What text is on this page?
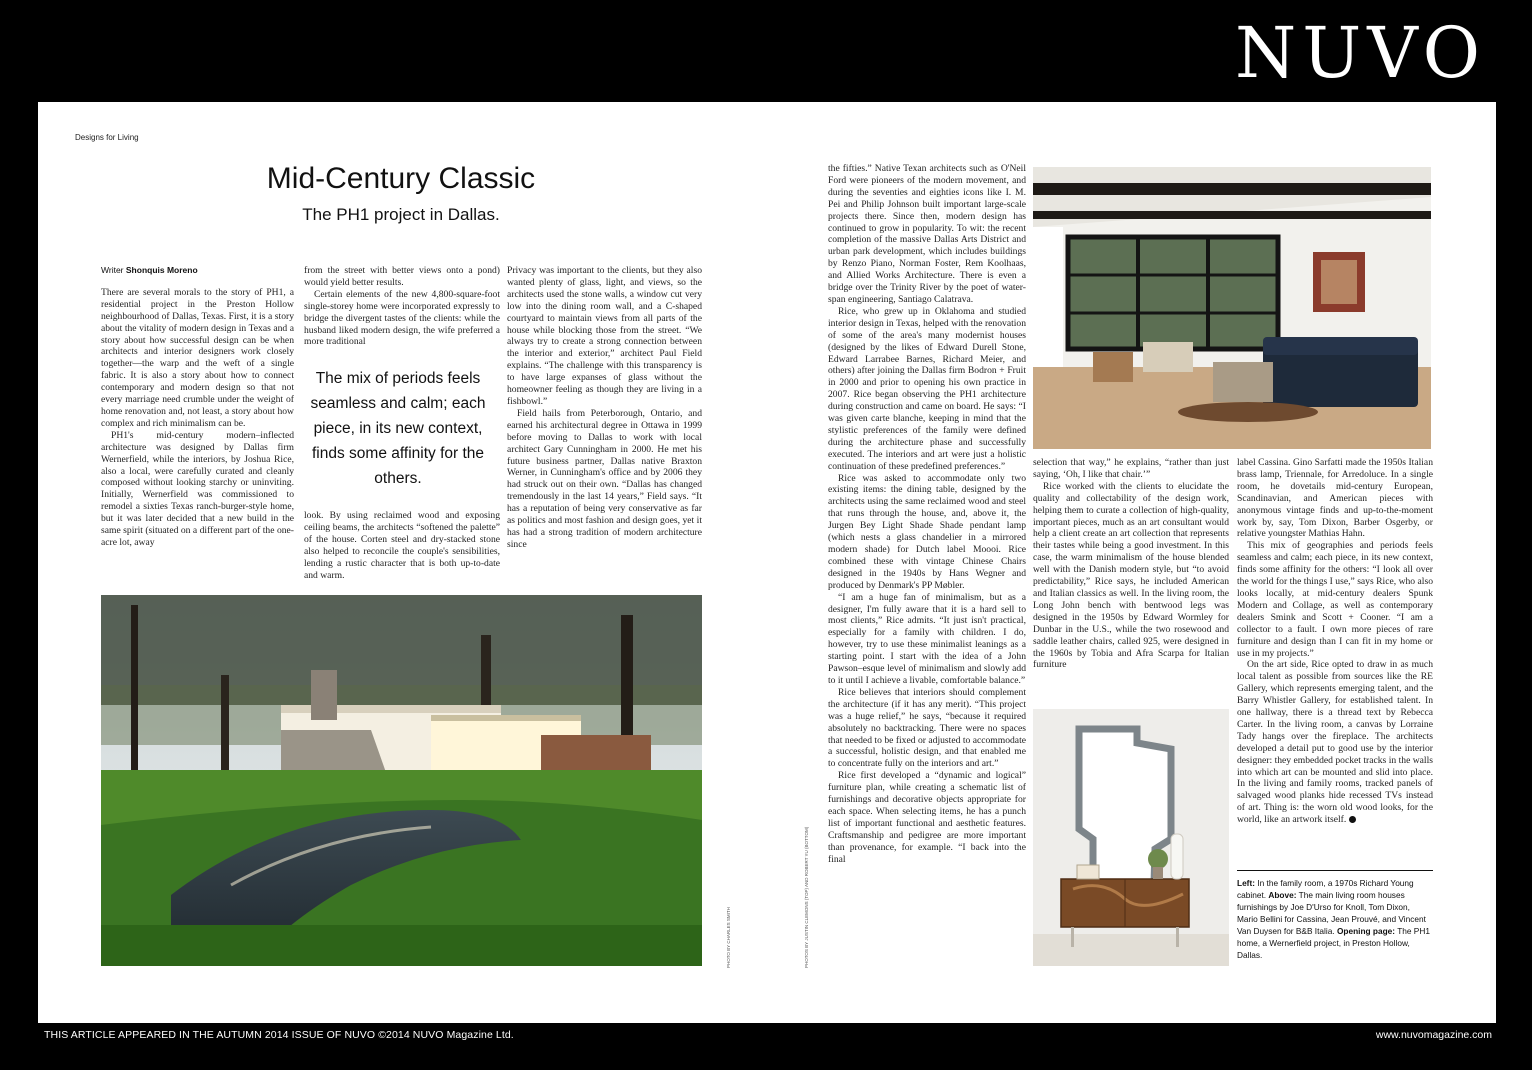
NUVO
Designs for Living
Mid-Century Classic
The PH1 project in Dallas.
Writer Shonquis Moreno

There are several morals to the story of PH1, a residential project in the Preston Hollow neighbourhood of Dallas, Texas. First, it is a story about the vitality of modern design in Texas and a story about how successful design can be when architects and interior designers work closely together—the warp and the weft of a single fabric. It is also a story about how to connect contemporary and modern design so that not every marriage need crumble under the weight of home renovation and, not least, a story about how complex and rich minimalism can be.

PH1's mid-century modern–inflected architecture was designed by Dallas firm Wernerfield, while the interiors, by Joshua Rice, also a local, were carefully curated and cleanly composed without looking starchy or uninviting. Initially, Wernerfield was commissioned to remodel a sixties Texas ranch-burger-style home, but it was later decided that a new build in the same spirit (situated on a different part of the one-acre lot, away

from the street with better views onto a pond) would yield better results.

Certain elements of the new 4,800-square-foot single-storey home were incorporated expressly to bridge the divergent tastes of the clients: while the husband liked modern design, the wife preferred a more traditional

The mix of periods feels seamless and calm; each piece, in its new context, finds some affinity for the others.

look. By using reclaimed wood and exposing ceiling beams, the architects “softened the palette” of the house. Corten steel and dry-stacked stone also helped to reconcile the couple's sensibilities, lending a rustic character that is both up-to-date and warm.

Privacy was important to the clients, but they also wanted plenty of glass, light, and views, so the architects used the stone walls, a window cut very low into the dining room wall, and a C-shaped courtyard to maintain views from all parts of the house while blocking those from the street. “We always try to create a strong connection between the interior and exterior,” architect Paul Field explains. “The challenge with this transparency is to have large expanses of glass without the homeowner feeling as though they are living in a fishbowl.”

Field hails from Peterborough, Ontario, and earned his architectural degree in Ottawa in 1999 before moving to Dallas to work with local architect Gary Cunningham in 2000. He met his future business partner, Dallas native Braxton Werner, in Cunningham's office and by 2006 they had struck out on their own. “Dallas has changed tremendously in the last 14 years,” Field says. “It has a reputation of being very conservative as far as politics and most fashion and design goes, yet it has had a strong tradition of modern architecture since

PHOTO BY CHARLES SMITH	PHOTOS BY JUSTIN CLEMONS (TOP) AND ROBERT YU (BOTTOM)

the fifties.” Native Texan architects such as O'Neil Ford were pioneers of the modern movement, and during the seventies and eighties icons like I. M. Pei and Philip Johnson built important large-scale projects there. Since then, modern design has continued to grow in popularity. To wit: the recent completion of the massive Dallas Arts District and urban park development, which includes buildings by Renzo Piano, Norman Foster, Rem Koolhaas, and Allied Works Architecture. There is even a bridge over the Trinity River by the poet of water-span engineering, Santiago Calatrava.

Rice, who grew up in Oklahoma and studied interior design in Texas, helped with the renovation of some of the area's many modernist houses (designed by the likes of Edward Durell Stone, Edward Larrabee Barnes, Richard Meier, and others) after joining the Dallas firm Bodron + Fruit in 2000 and prior to opening his own practice in 2007. Rice began observing the PH1 architecture during construction and came on board. He says: “I was given carte blanche, keeping in mind that the stylistic preferences of the family were defined during the architecture phase and successfully executed. The interiors and art were just a holistic continuation of these predefined preferences.”

Rice was asked to accommodate only two existing items: the dining table, designed by the architects using the same reclaimed wood and steel that runs through the house, and, above it, the Jurgen Bey Light Shade Shade pendant lamp (which nests a glass chandelier in a mirrored modern shade) for Dutch label Moooi. Rice combined these with vintage Chinese Chairs designed in the 1940s by Hans Wegner and produced by Denmark's PP Møbler.

“I am a huge fan of minimalism, but as a designer, I'm fully aware that it is a hard sell to most clients,” Rice admits. “It just isn't practical, especially for a family with children. I do, however, try to use these minimalist leanings as a starting point. I start with the idea of a John Pawson–esque level of minimalism and slowly add to it until I achieve a livable, comfortable balance.”

Rice believes that interiors should complement the architecture (if it has any merit). “This project was a huge relief,” he says, “because it required absolutely no backtracking. There were no spaces that needed to be fixed or adjusted to accommodate a successful, holistic design, and that enabled me to concentrate fully on the interiors and art.”

Rice first developed a “dynamic and logical” furniture plan, while creating a schematic list of furnishings and decorative objects appropriate for each space. When selecting items, he has a punch list of important functional and aesthetic features. Craftsmanship and pedigree are more important than provenance, for example. “I back into the final

selection that way,” he explains, “rather than just saying, ‘Oh, I like that chair.’”

Rice worked with the clients to elucidate the quality and collectability of the design work, helping them to curate a collection of high-quality, important pieces, much as an art consultant would help a client create an art collection that represents their tastes while being a good investment. In this case, the warm minimalism of the house blended well with the Danish modern style, but “to avoid predictability,” Rice says, he included American and Italian classics as well. In the living room, the Long John bench with bentwood legs was designed in the 1950s by Edward Wormley for Dunbar in the U.S., while the two rosewood and saddle leather chairs, called 925, were designed in the 1960s by Tobia and Afra Scarpa for Italian furniture

label Cassina. Gino Sarfatti made the 1950s Italian brass lamp, Triennale, for Arredoluce. In a single room, he dovetails mid-century European, Scandinavian, and American pieces with anonymous vintage finds and up-to-the-moment work by, say, Tom Dixon, Barber Osgerby, or relative youngster Mathias Hahn.

This mix of geographies and periods feels seamless and calm; each piece, in its new context, finds some affinity for the others: “I look all over the world for the things I use,” says Rice, who also looks locally, at mid-century dealers Spunk Modern and Collage, as well as contemporary dealers Smink and Scott + Cooner. “I am a collector to a fault. I own more pieces of rare furniture and design than I can fit in my home or use in my projects.”

On the art side, Rice opted to draw in as much local talent as possible from sources like the RE Gallery, which represents emerging talent, and the Barry Whistler Gallery, for established talent. In one hallway, there is a thread text by Rebecca Carter. In the living room, a canvas by Lorraine Tady hangs over the fireplace. The architects developed a detail put to good use by the interior designer: they embedded pocket tracks in the walls into which art can be mounted and slid into place. In the living and family rooms, tracked panels of salvaged wood planks hide recessed TVs instead of art. Thing is: the worn old wood looks, for the world, like an artwork itself.

Left: In the family room, a 1970s Richard Young cabinet. Above: The main living room houses furnishings by Joe D'Urso for Knoll, Tom Dixon, Mario Bellini for Cassina, Jean Prouvé, and Vincent Van Duysen for B&B Italia. Opening page: The PH1 home, a Wernerfield project, in Preston Hollow, Dallas.
THIS ARTICLE APPEARED IN THE AUTUMN 2014 ISSUE OF NUVO ©2014 NUVO Magazine Ltd.	www.nuvomagazine.com
